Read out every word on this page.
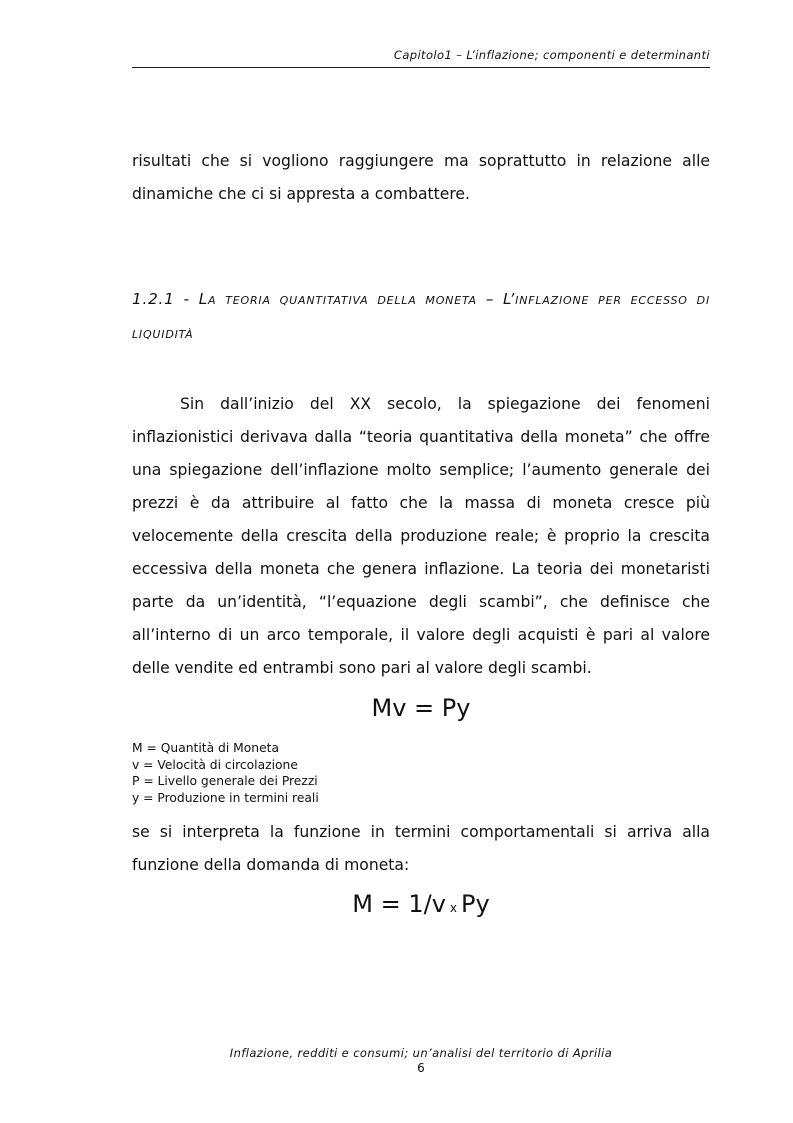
Capitolo1 – L’inflazione; componenti e determinanti

risultati che si vogliono raggiungere ma soprattutto in relazione alle dinamiche che ci si appresta a combattere.

1.2.1 - La teoria quantitativa della moneta – L’inflazione per eccesso di liquidità

Sin dall’inizio del XX secolo, la spiegazione dei fenomeni inflazionistici derivava dalla “teoria quantitativa della moneta” che offre una spiegazione dell’inflazione molto semplice; l’aumento generale dei prezzi è da attribuire al fatto che la massa di moneta cresce più velocemente della crescita della produzione reale; è proprio la crescita eccessiva della moneta che genera inflazione. La teoria dei monetaristi parte da un’identità, “l’equazione degli scambi”, che definisce che all’interno di un arco temporale, il valore degli acquisti è pari al valore delle vendite ed entrambi sono pari al valore degli scambi.

Mv = Py

M = Quantità di Moneta
v = Velocità di circolazione
P = Livello generale dei Prezzi
y = Produzione in termini reali

se si interpreta la funzione in termini comportamentali si arriva alla funzione della domanda di moneta:

M = 1/v x Py

Inflazione, redditi e consumi; un’analisi del territorio di Aprilia
6
